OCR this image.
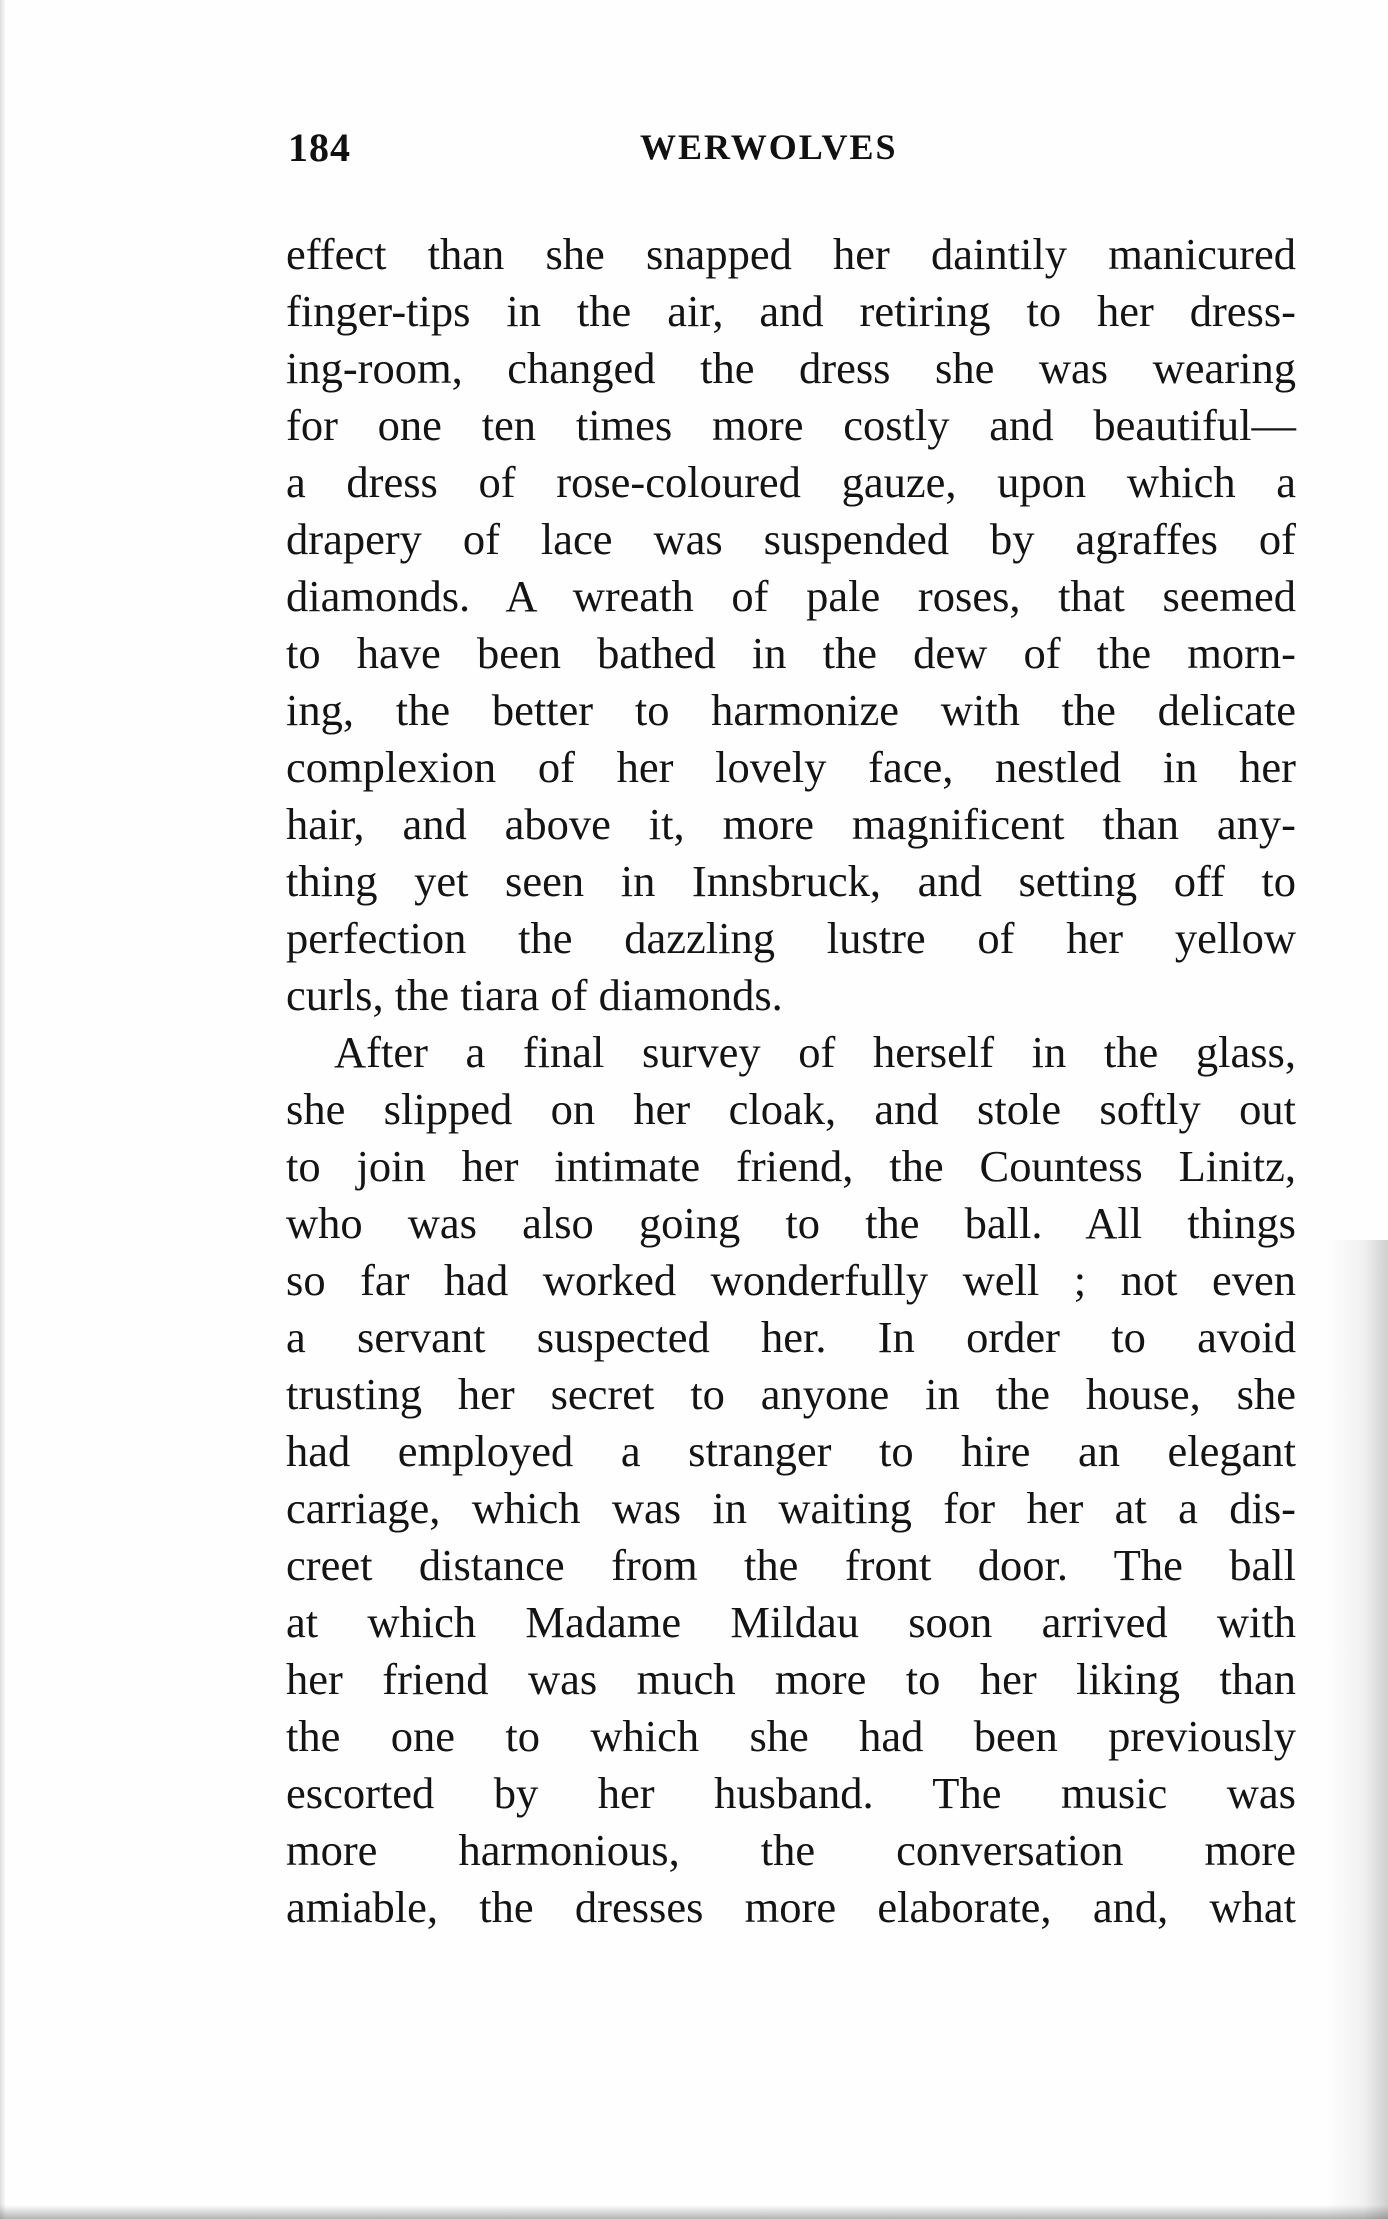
184	WERWOLVES
effect than she snapped her daintily manicured
finger-tips in the air, and retiring to her dress-
ing-room, changed the dress she was wearing
for one ten times more costly and beautiful—
a dress of rose-coloured gauze, upon which a
drapery of lace was suspended by agraffes of
diamonds. A wreath of pale roses, that seemed
to have been bathed in the dew of the morn-
ing, the better to harmonize with the delicate
complexion of her lovely face, nestled in her
hair, and above it, more magnificent than any-
thing yet seen in Innsbruck, and setting off to
perfection the dazzling lustre of her yellow
curls, the tiara of diamonds.
After a final survey of herself in the glass,
she slipped on her cloak, and stole softly out
to join her intimate friend, the Countess Linitz,
who was also going to the ball. All things
so far had worked wonderfully well ; not even
a servant suspected her. In order to avoid
trusting her secret to anyone in the house, she
had employed a stranger to hire an elegant
carriage, which was in waiting for her at a dis-
creet distance from the front door. The ball
at which Madame Mildau soon arrived with
her friend was much more to her liking than
the one to which she had been previously
escorted by her husband. The music was
more harmonious, the conversation more
amiable, the dresses more elaborate, and, what
